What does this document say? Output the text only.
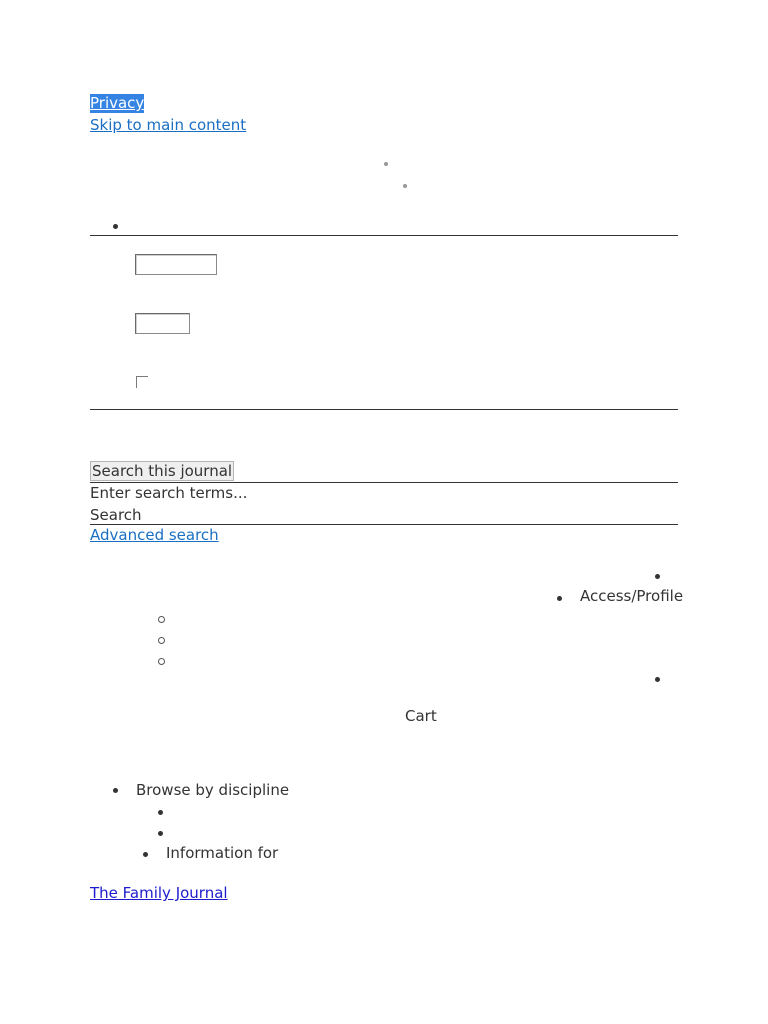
Privacy
Skip to main content
Search this journal
Enter search terms...
Search
Advanced search
Access/Profile
Cart
Browse by discipline
Information for
The Family Journal
